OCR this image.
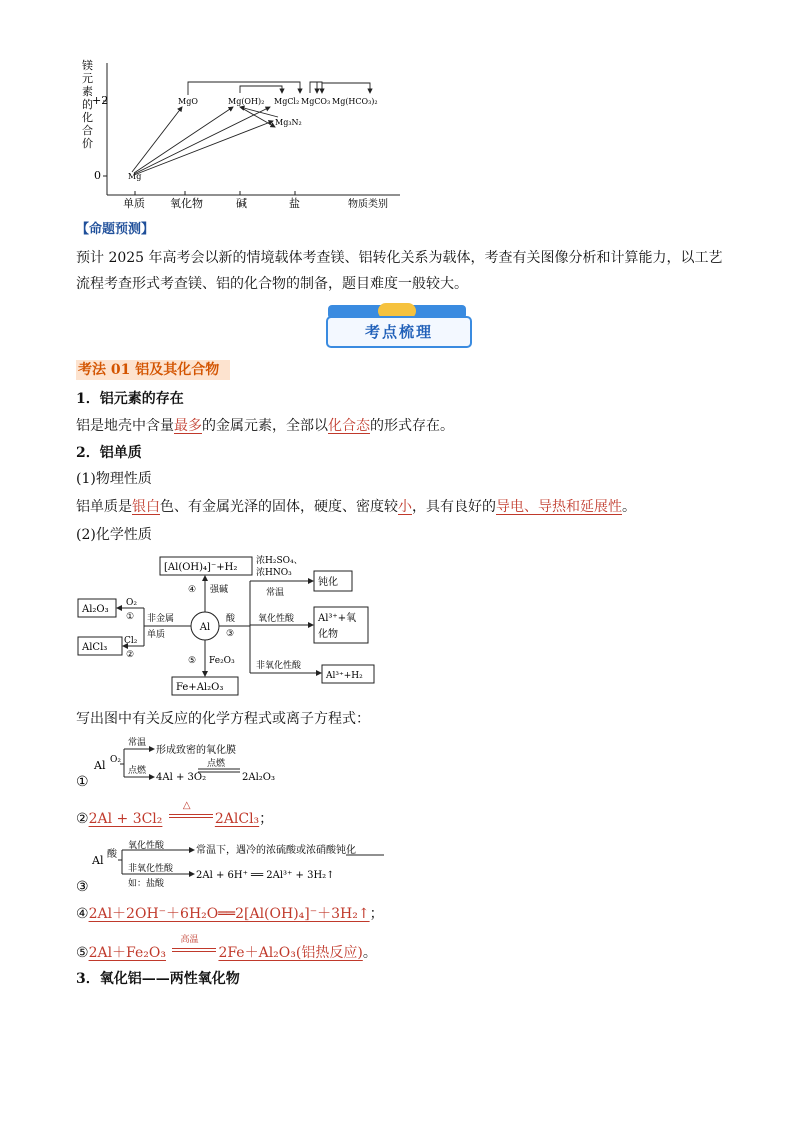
镁
元
素
的
化
合
价
+2
0
单质 氧化物	碱	盐	物质类别
Mg
MgO	Mg(OH)₂ MgCl₂ MgCO₃ Mg(HCO₃)₂
Mg₃N₂
【命题预测】
预计 2025 年高考会以新的情境载体考查镁、铝转化关系为载体，考查有关图像分析和计算能力，以工艺
流程考查形式考查镁、铝的化合物的制备，题目难度一般较大。
考点梳理
考法 01 铝及其化合物
1．铝元素的存在
铝是地壳中含量最多的金属元素，全部以化合态的形式存在。
2．铝单质
(1)物理性质
铝单质是银白色、有金属光泽的固体，硬度、密度较小，具有良好的导电、导热和延展性。
(2)化学性质
Al
[Al(OH)₄]⁻+H₂
Al₂O₃
AlCl₃
Fe+Al₂O₃
O₂
①
Cl₂
②
非金属
单质
④ 强碱
酸
③
⑤ Fe₂O₃
浓H₂SO₄、
浓HNO₃
常温
钝化
氧化性酸 Al³⁺+氧
化物
非氧化性酸
Al³⁺+H₂
写出图中有关反应的化学方程式或离子方程式：
①
Al O₂
常温
形成致密的氧化膜
点燃
4Al + 3O₂
点燃
2Al₂O₃
②2Al + 3Cl₂
△
2AlCl₃；
③
Al 酸
氧化性酸	常温下，遇冷的浓硫酸或浓硝酸钝化
非氧化性酸
如：盐酸
2Al + 6H⁺ ══ 2Al³⁺ + 3H₂↑
④2Al＋2OH⁻＋6H₂O══2[Al(OH)₄]⁻＋3H₂↑；
⑤2Al＋Fe₂O₃
高温
2Fe＋Al₂O₃(铝热反应)。
3．氧化铝——两性氧化物
